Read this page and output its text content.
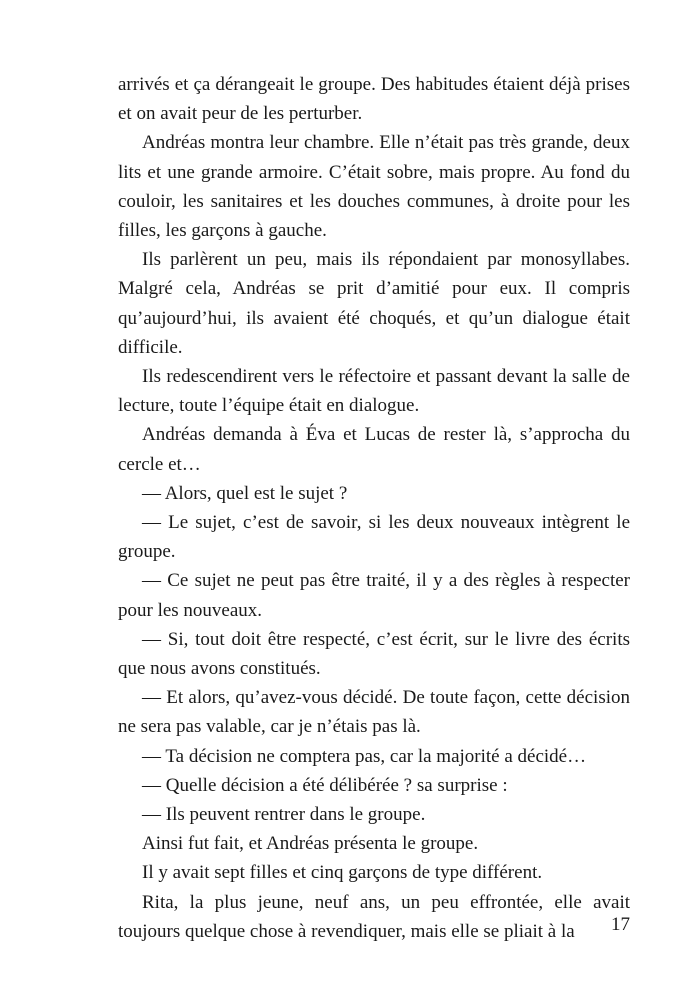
arrivés et ça dérangeait le groupe. Des habitudes étaient déjà prises et on avait peur de les perturber.

Andréas montra leur chambre. Elle n’était pas très grande, deux lits et une grande armoire. C’était sobre, mais propre. Au fond du couloir, les sanitaires et les douches communes, à droite pour les filles, les garçons à gauche.

Ils parlèrent un peu, mais ils répondaient par monosyllabes. Malgré cela, Andréas se prit d’amitié pour eux. Il compris qu’aujourd’hui, ils avaient été choqués, et qu’un dialogue était difficile.

Ils redescendirent vers le réfectoire et passant devant la salle de lecture, toute l’équipe était en dialogue.

Andréas demanda à Éva et Lucas de rester là, s’approcha du cercle et…

— Alors, quel est le sujet ?

— Le sujet, c’est de savoir, si les deux nouveaux intègrent le groupe.

— Ce sujet ne peut pas être traité, il y a des règles à respecter pour les nouveaux.

— Si, tout doit être respecté, c’est écrit, sur le livre des écrits que nous avons constitués.

— Et alors, qu’avez-vous décidé. De toute façon, cette décision ne sera pas valable, car je n’étais pas là.

— Ta décision ne comptera pas, car la majorité a décidé…

— Quelle décision a été délibérée ? sa surprise :

— Ils peuvent rentrer dans le groupe.

Ainsi fut fait, et Andréas présenta le groupe.

Il y avait sept filles et cinq garçons de type différent.

Rita, la plus jeune, neuf ans, un peu effrontée, elle avait toujours quelque chose à revendiquer, mais elle se pliait à la	17
